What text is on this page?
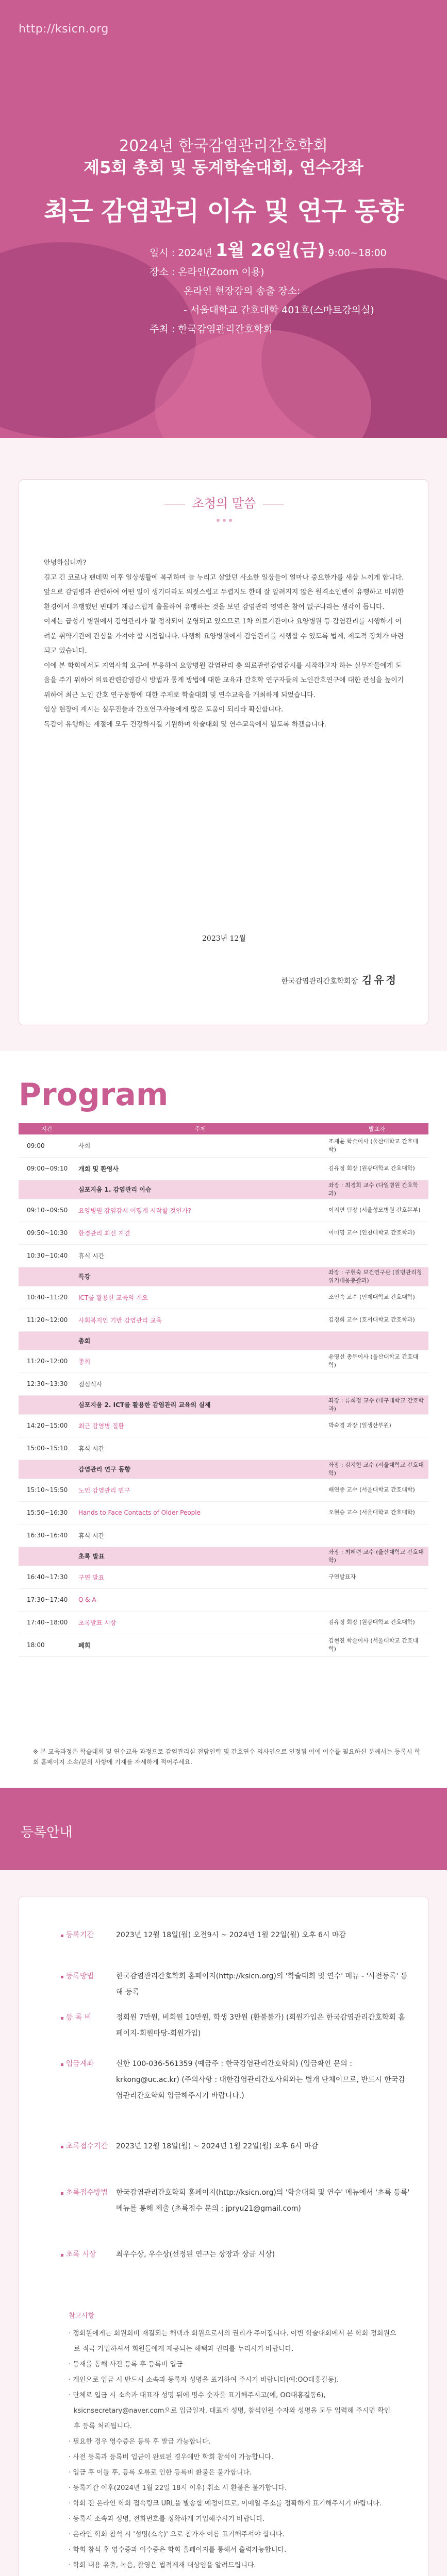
http://ksicn.org
2024년 한국감염관리간호학회
제5회 총회 및 동계학술대회, 연수강좌
최근 감염관리 이슈 및 연구 동향
일시 : 2024년 1월 26일(금) 9:00~18:00
장소 : 온라인(Zoom 이용)
온라인 현장강의 송출 장소:
- 서울대학교 간호대학 401호(스마트강의실)
주최 : 한국감염관리간호학회
초청의 말씀

안녕하십니까?

길고 긴 코로나 팬데믹 이후 일상생활에 복귀하며 늘 누리고 살았던 사소한 일상들이 얼마나 중요한가를 새삼 느끼게 합니다.

앞으로 감염병과 관련하여 어떤 일이 생기더라도 의젓스럽고 두렵지도 한데 잘 알려지지 않은 원격소인벤이 유행하고 비위한 환경에서 유행했던 빈대가 재급스럽게 출몰하여 유행하는 것을 보면 감염관리 영역은 참어 없구나라는 생각이 듭니다.

이제는 급성기 병원에서 감염관리가 잘 정착되어 운영되고 있으므로 1차 의료기관이나 요양병원 등 감염관리를 시행하기 어려운 취약기관에 관심을 가져야 할 시점입니다. 다행히 요양병원에서 감염관리를 시행할 수 있도록 법제, 제도적 장치가 마련되고 있습니다.

이에 본 학회에서도 지역사회 요구에 부응하여 요양병원 감염관리 충 의료관련감염감시를 시작하고자 하는 실무자들에게 도움을 주기 위하여 의료관련감염감시 방법과 통계 방법에 대한 교육과 간호학 연구자들의 노인간호연구에 대한 관심을 높이기 위하여 최근 노인 간호 연구동향에 대한 주제로 학술대회 및 연수교육을 개최하게 되었습니다.

임상 현장에 계시는 실무진들과 간호연구자들에게 많은 도움이 되리라 확신합니다.

독감이 유행하는 계절에 모두 건강하시길 기원하며 학술대회 및 연수교육에서 뵙도록 하겠습니다.

2023년 12월
한국감염관리간호학회장 김유정
Program
시간	주제	발표자
09:00	사회	조재윤 학술이사 (울산대학교 간호대학)
09:00~09:10	개회 및 환영사	김유정 회장 (원광대학교 간호대학)
	심포지움 1. 감염관리 이슈	좌장 : 최경희 교수 (다일병원 간호학과)
09:10~09:50	요양병원 감염감시 어떻게 시작할 것인가?	이지연 팀장 (서울성모병원 간호본부)
09:50~10:30	환경관리 최신 지견	이미영 교수 (인천대학교 간호학과)
10:30~10:40	휴식 시간	
	특강	좌장 : 구현숙 보건연구관 (질병관리청 위기대응총괄과)
10:40~11:20	ICT를 활용한 교육의 개요	조인숙 교수 (인제대학교 간호대학)
11:20~12:00	사회복지인 기반 감염관리 교육	김경희 교수 (호서대학교 간호학과)
	총회	
11:20~12:00	총회	유영선 총무이사 (울산대학교 간호대학)
12:30~13:30	점심식사	
	심포지움 2. ICT를 활용한 감염관리 교육의 실제	좌장 : 류희정 교수 (대구대학교 간호학과)
14:20~15:00	최근 감염병 질환	박숙경 과장 (일생산부원)
15:00~15:10	휴식 시간	
	감염관리 연구 동향	좌장 : 김지현 교수 (서울대학교 간호대학)
15:10~15:50	노인 감염관리 연구	배연종 교수 (서울대학교 간호대학)
15:50~16:30	Hands to Face Contacts of Older People	오현승 교수 (서울대학교 간호대학)
16:30~16:40	휴식 시간	
	초록 발표	좌장 : 최혜련 교수 (울산대학교 간호대학)
16:40~17:30	구연 발표	구연발표자
17:30~17:40	Q & A	
17:40~18:00	초록발표 시상	김유정 회장 (원광대학교 간호대학)
18:00	폐회	김현진 학술이사 (서울대학교 간호대학)
※ 본 교육과정은 학술대회 및 연수교육 과정으로 감염관리실 전담인력 및 간호연수 의사인으로 인정됨 이에 이수를 필요하신 분께서는 등록시 학회 홈페이지 소속/문의 사항에 기재를 자세하게 적어주세요.
등록안내
▪ 등록기간	2023년 12월 18일(월) 오전9시 ~ 2024년 1월 22일(월) 오후 6시 마감
▪ 등록방법	한국감염관리간호학회 홈페이지(http://ksicn.org)의 '학술대회 및 연수' 메뉴 - '사전등록' 통해 등록
▪ 등 록 비	정회원 7만원, 비회원 10만원, 학생 3만원 (환불불가) (회원가입은 한국감염관리간호학회 홈페이지-회원마당-회원가입)
▪ 입금계좌	신한 100-036-561359 (예금주 : 한국감염관리간호학회) (입금확인 문의 : krkong@uc.ac.kr) (주의사항 : 대한감염관리간호사회와는 별개 단체이므로, 반드시 한국감염관리간호학회 입금해주시기 바랍니다.)
▪ 초록접수기간	2023년 12월 18일(월) ~ 2024년 1월 22일(월) 오후 6시 마감
▪ 초록접수방법	한국감염관리간호학회 홈페이지(http://ksicn.org)의 '학술대회 및 연수' 메뉴에서 '초록 등록' 메뉴를 통해 제출 (초록접수 문의 : jpryu21@gmail.com)
▪ 초록 시상	최우수상, 우수상(선정된 연구는 상장과 상금 시상)
참고사항
· 정회원에게는 회원회비 재결되는 해택과 회원으로서의 권리가 주어집니다. 이번 학술대회에서 본 학회 정회원으로 적극 가입하셔서 회원들에게 제공되는 해택과 권리를 누리시기 바랍니다.
· 등재를 통해 사전 등록 후 등록비 입금
· 개인으로 입금 시 반드시 소속과 등록자 성명을 표기하여 주시기 바랍니다(예:OO대홍길동).
· 단체로 입금 시 소속과 대표자 성명 뒤에 명수 숫자를 표기해주시고(예, OO대홍길동6), ksicnsecretary@naver.com으로 입금일자, 대표자 성명, 참석인원 수자와 성명을 모두 입력해 주시면 확인 후 등록 처리됩니다.
· 필요한 경우 영수증은 등록 후 발급 가능합니다.
· 사전 등록과 등록비 입금이 완료된 경우에만 학회 참석이 가능합니다.
· 입금 후 이틀 후, 등록 오류로 인한 등록비 환불은 불가합니다.
· 등록기간 이후(2024년 1월 22일 18시 이후) 취소 시 환불은 불가합니다.
· 학회 전 온라인 학회 접속링크 URL을 발송할 예정이므로, 이메일 주소를 정확하게 표기해주시기 바랍니다.
· 등록시 소속과 성명, 전화번호를 정확하게 기입해주시기 바랍니다.
· 온라인 학회 참석 시 '성명(소속)' 으로 참가자 이름 표기해주셔야 합니다.
· 학회 참석 후 영수증과 이수증은 학회 홈페이지를 통해서 출력가능합니다.
· 학회 내용 유출, 녹음, 촬영은 법적제재 대상임을 알려드립니다.
·
